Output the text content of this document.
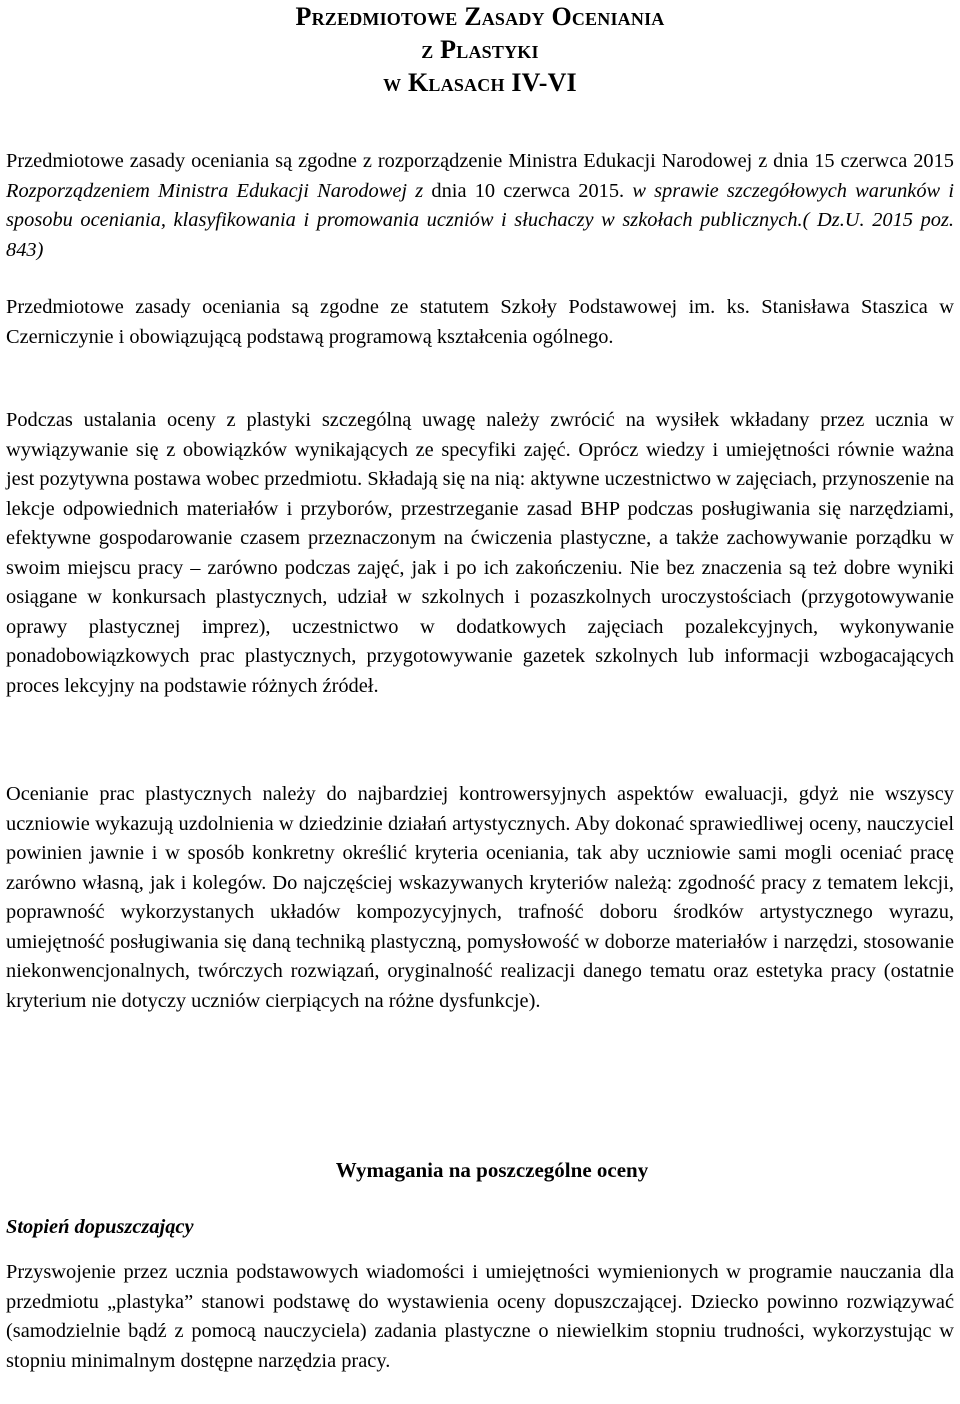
Przedmiotowe Zasady Oceniania
z Plastyki
w Klasach IV-VI

Przedmiotowe zasady oceniania są zgodne z rozporządzenie Ministra Edukacji Narodowej z dnia 15 czerwca 2015 Rozporządzeniem Ministra Edukacji Narodowej z dnia 10 czerwca 2015. w sprawie szczegółowych warunków i sposobu oceniania, klasyfikowania i promowania uczniów i słuchaczy w szkołach publicznych.( Dz.U. 2015 poz. 843)

Przedmiotowe zasady oceniania są zgodne ze statutem Szkoły Podstawowej im. ks. Stanisława Staszica w Czerniczynie i obowiązującą podstawą programową kształcenia ogólnego.

Podczas ustalania oceny z plastyki szczególną uwagę należy zwrócić na wysiłek wkładany przez ucznia w wywiązywanie się z obowiązków wynikających ze specyfiki zajęć. Oprócz wiedzy i umiejętności równie ważna jest pozytywna postawa wobec przedmiotu. Składają się na nią: aktywne uczestnictwo w zajęciach, przynoszenie na lekcje odpowiednich materiałów i przyborów, przestrzeganie zasad BHP podczas posługiwania się narzędziami, efektywne gospodarowanie czasem przeznaczonym na ćwiczenia plastyczne, a także zachowywanie porządku w swoim miejscu pracy – zarówno podczas zajęć, jak i po ich zakończeniu. Nie bez znaczenia są też dobre wyniki osiągane w konkursach plastycznych, udział w szkolnych i pozaszkolnych uroczystościach (przygotowywanie oprawy plastycznej imprez), uczestnictwo w dodatkowych zajęciach pozalekcyjnych, wykonywanie ponadobowiązkowych prac plastycznych, przygotowywanie gazetek szkolnych lub informacji wzbogacających proces lekcyjny na podstawie różnych źródeł.

Ocenianie prac plastycznych należy do najbardziej kontrowersyjnych aspektów ewaluacji, gdyż nie wszyscy uczniowie wykazują uzdolnienia w dziedzinie działań artystycznych. Aby dokonać sprawiedliwej oceny, nauczyciel powinien jawnie i w sposób konkretny określić kryteria oceniania, tak aby uczniowie sami mogli oceniać pracę zarówno własną, jak i kolegów. Do najczęściej wskazywanych kryteriów należą: zgodność pracy z tematem lekcji, poprawność wykorzystanych układów kompozycyjnych, trafność doboru środków artystycznego wyrazu, umiejętność posługiwania się daną techniką plastyczną, pomysłowość w doborze materiałów i narzędzi, stosowanie niekonwencjonalnych, twórczych rozwiązań, oryginalność realizacji danego tematu oraz estetyka pracy (ostatnie kryterium nie dotyczy uczniów cierpiących na różne dysfunkcje).

Wymagania na poszczególne oceny
Stopień dopuszczający

Przyswojenie przez ucznia podstawowych wiadomości i umiejętności wymienionych w programie nauczania dla przedmiotu „plastyka” stanowi podstawę do wystawienia oceny dopuszczającej. Dziecko powinno rozwiązywać (samodzielnie bądź z pomocą nauczyciela) zadania plastyczne o niewielkim stopniu trudności, wykorzystując w stopniu minimalnym dostępne narzędzia pracy.
